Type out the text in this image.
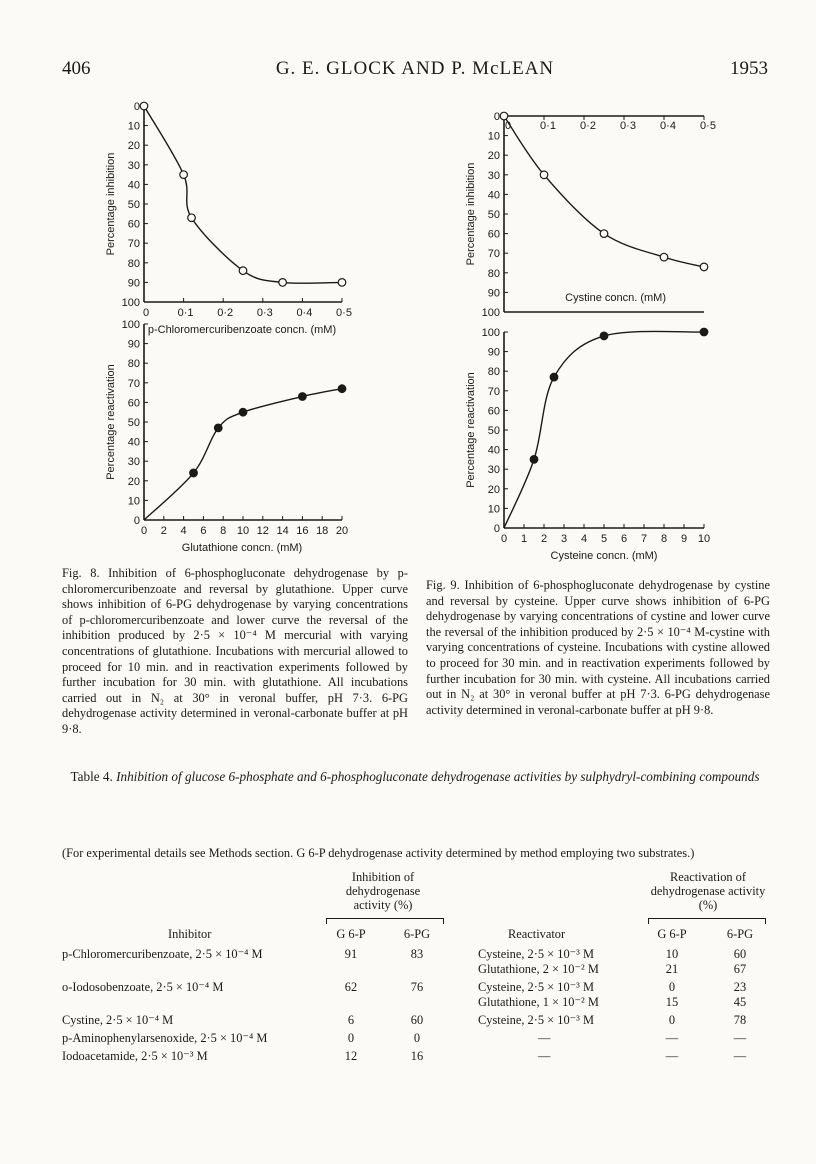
406	G. E. GLOCK AND P. McLEAN	1953
0
10
20
30
40
50
60
70
80
90
100
0	0·1 0·2 0·3 0·4 0·5
Percentage inhibition
p-Chloromercuribenzoate concn. (mM)
0
10
20
30
40
50
60
70
80
90
100
0 2 4 6 8 10 12 14 16 18 20
Percentage reactivation
Glutathione concn. (mM)
0
10
20
30
40
50
60
70
80
90
100
0	0·1 0·2 0·3 0·4 0·5
Percentage inhibition
Cystine concn. (mM)
0
10
20
30
40
50
60
70
80
90
100
0 1 2 3 4 5 6 7 8 9 10
Percentage reactivation
Cysteine concn. (mM)
Fig. 8. Inhibition of 6-phosphogluconate dehydrogenase by p-chloromercuribenzoate and reversal by glutathione. Upper curve shows inhibition of 6-PG dehydrogenase by varying concentrations of p-chloromercuribenzoate and lower curve the reversal of the inhibition produced by 2·5 × 10⁻⁴ M mercurial with varying concentrations of glutathione. Incubations with mercurial allowed to proceed for 10 min. and in reactivation experiments followed by further incubation for 30 min. with glutathione. All incubations carried out in N₂ at 30° in veronal buffer, pH 7·3. 6-PG dehydrogenase activity determined in veronal-carbonate buffer at pH 9·8.
Fig. 9. Inhibition of 6-phosphogluconate dehydrogenase by cystine and reversal by cysteine. Upper curve shows inhibition of 6-PG dehydrogenase by varying concentrations of cystine and lower curve the reversal of the inhibition produced by 2·5 × 10⁻⁴ M-cystine with varying concentrations of cysteine. Incubations with cystine allowed to proceed for 30 min. and in reactivation experiments followed by further incubation for 30 min. with cysteine. All incubations carried out in N₂ at 30° in veronal buffer at pH 7·3. 6-PG dehydrogenase activity determined in veronal-carbonate buffer at pH 9·8.
Table 4. Inhibition of glucose 6-phosphate and 6-phosphogluconate dehydrogenase activities by sulphydryl-combining compounds
(For experimental details see Methods section. G 6-P dehydrogenase activity determined by method employing two substrates.)
Inhibition of dehydrogenase activity (%)
Reactivation of dehydrogenase activity (%)
Inhibitor	G 6-P	6-PG	Reactivator	G 6-P	6-PG
p-Chloromercuribenzoate, 2·5 × 10⁻⁴ M	91	83	Cysteine, 2·5 × 10⁻³ M	10	60
Glutathione, 2 × 10⁻² M	21	67
o-Iodosobenzoate, 2·5 × 10⁻⁴ M	62	76	Cysteine, 2·5 × 10⁻³ M	0	23
Glutathione, 1 × 10⁻² M	15	45
Cystine, 2·5 × 10⁻⁴ M	6	60	Cysteine, 2·5 × 10⁻³ M	0	78
p-Aminophenylarsenoxide, 2·5 × 10⁻⁴ M	0	0	—	—	—
Iodoacetamide, 2·5 × 10⁻³ M	12	16	—	—	—
